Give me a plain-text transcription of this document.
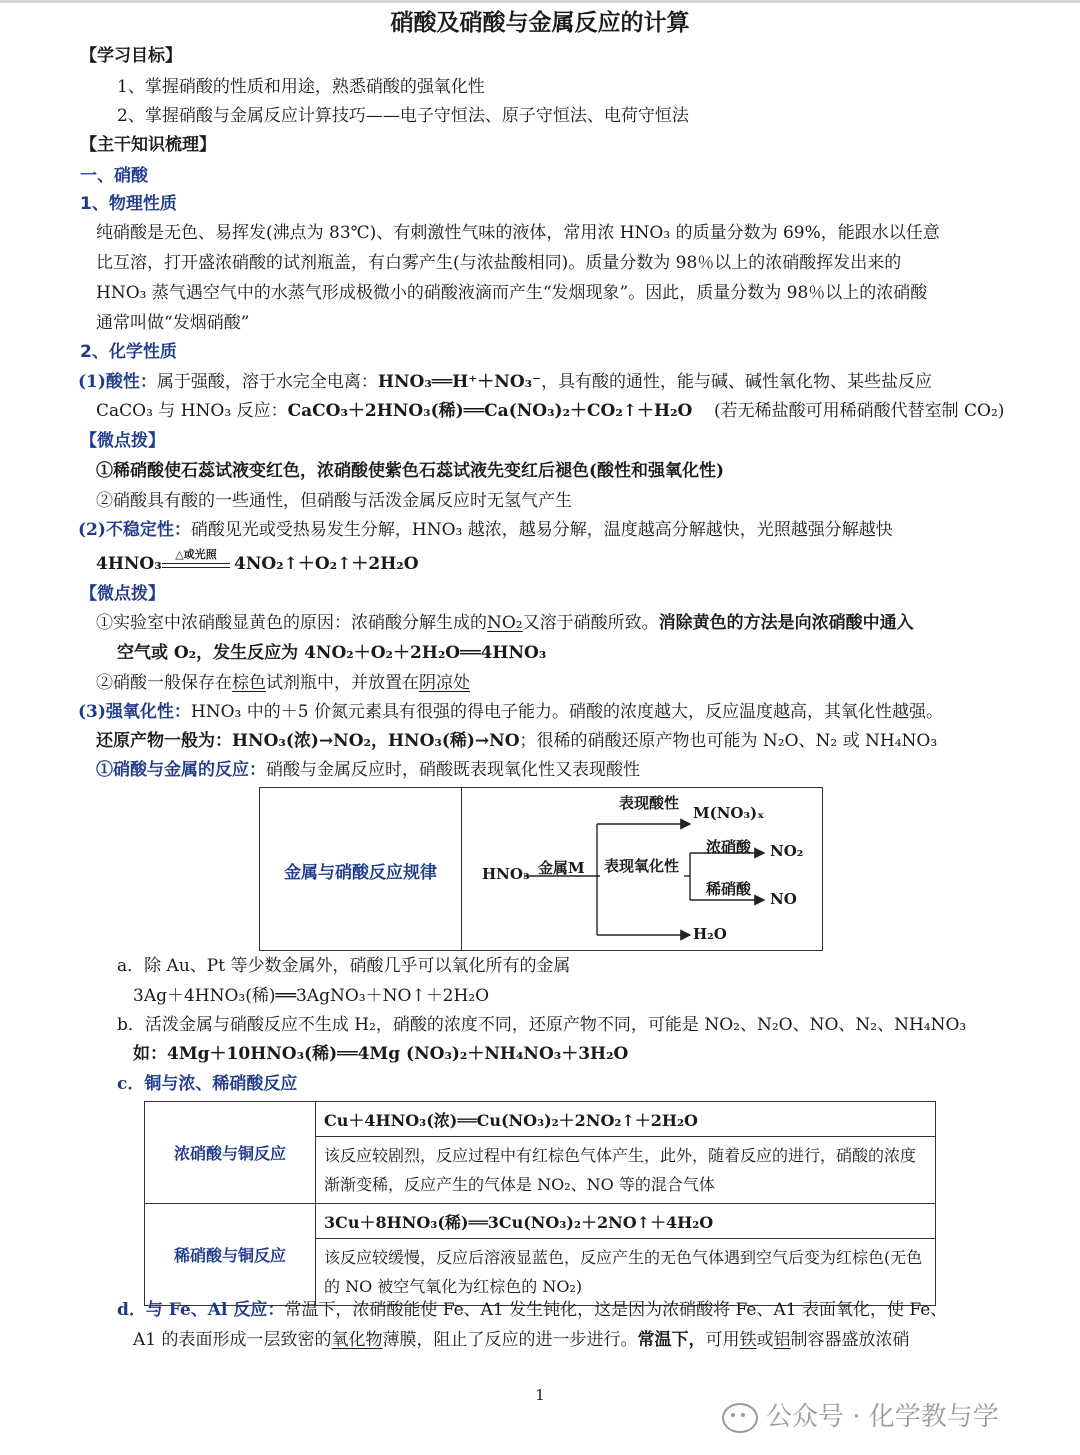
硝酸及硝酸与金属反应的计算
【学习目标】
1、掌握硝酸的性质和用途，熟悉硝酸的强氧化性
2、掌握硝酸与金属反应计算技巧——电子守恒法、原子守恒法、电荷守恒法
【主干知识梳理】
一、硝酸
1、物理性质
纯硝酸是无色、易挥发(沸点为 83℃)、有刺激性气味的液体，常用浓 HNO₃ 的质量分数为 69%，能跟水以任意
比互溶，打开盛浓硝酸的试剂瓶盖，有白雾产生(与浓盐酸相同)。质量分数为 98％以上的浓硝酸挥发出来的
HNO₃ 蒸气遇空气中的水蒸气形成极微小的硝酸液滴而产生“发烟现象”。因此，质量分数为 98％以上的浓硝酸
通常叫做“发烟硝酸”
2、化学性质
(1)酸性：属于强酸，溶于水完全电离：HNO₃══H⁺＋NO₃⁻，具有酸的通性，能与碱、碱性氧化物、某些盐反应
CaCO₃ 与 HNO₃ 反应：CaCO₃＋2HNO₃(稀)══Ca(NO₃)₂＋CO₂↑＋H₂O (若无稀盐酸可用稀硝酸代替室制 CO₂)
【微点拨】
①稀硝酸使石蕊试液变红色，浓硝酸使紫色石蕊试液先变红后褪色(酸性和强氧化性)
②硝酸具有酸的一些通性，但硝酸与活泼金属反应时无氢气产生
(2)不稳定性：硝酸见光或受热易发生分解，HNO₃ 越浓，越易分解，温度越高分解越快，光照越强分解越快
4HNO₃	△或光照	4NO₂↑＋O₂↑＋2H₂O
【微点拨】
①实验室中浓硝酸显黄色的原因：浓硝酸分解生成的NO₂又溶于硝酸所致。消除黄色的方法是向浓硝酸中通入
空气或 O₂，发生反应为 4NO₂＋O₂＋2H₂O══4HNO₃
②硝酸一般保存在棕色试剂瓶中，并放置在阴凉处
(3)强氧化性：HNO₃ 中的＋5 价氮元素具有很强的得电子能力。硝酸的浓度越大，反应温度越高，其氧化性越强。
还原产物一般为：HNO₃(浓)→NO₂，HNO₃(稀)→NO；很稀的硝酸还原产物也可能为 N₂O、N₂ 或 NH₄NO₃
①硝酸与金属的反应：硝酸与金属反应时，硝酸既表现氧化性又表现酸性
金属与硝酸反应规律	HNO₃ 金属M
表现酸性
M(NO₃)ₓ
表现氧化性
浓硝酸 NO₂
稀硝酸
NO
H₂O
a．除 Au、Pt 等少数金属外，硝酸几乎可以氧化所有的金属
3Ag＋4HNO₃(稀)══3AgNO₃＋NO↑＋2H₂O
b．活泼金属与硝酸反应不生成 H₂，硝酸的浓度不同，还原产物不同，可能是 NO₂、N₂O、NO、N₂、NH₄NO₃
如：4Mg＋10HNO₃(稀)══4Mg (NO₃)₂＋NH₄NO₃＋3H₂O
c．铜与浓、稀硝酸反应
浓硝酸与铜反应	Cu＋4HNO₃(浓)══Cu(NO₃)₂＋2NO₂↑＋2H₂O
	该反应较剧烈，反应过程中有红棕色气体产生，此外，随着反应的进行，硝酸的浓度渐渐变稀，反应产生的气体是 NO₂、NO 等的混合气体
稀硝酸与铜反应	3Cu＋8HNO₃(稀)══3Cu(NO₃)₂＋2NO↑＋4H₂O
	该反应较缓慢，反应后溶液显蓝色，反应产生的无色气体遇到空气后变为红棕色(无色的 NO 被空气氧化为红棕色的 NO₂)
d．与 Fe、Al 反应：常温下，浓硝酸能使 Fe、A1 发生钝化，这是因为浓硝酸将 Fe、A1 表面氧化，使 Fe、
A1 的表面形成一层致密的氧化物薄膜，阻止了反应的进一步进行。常温下，可用铁或铝制容器盛放浓硝
1
公众号 · 化学教与学
